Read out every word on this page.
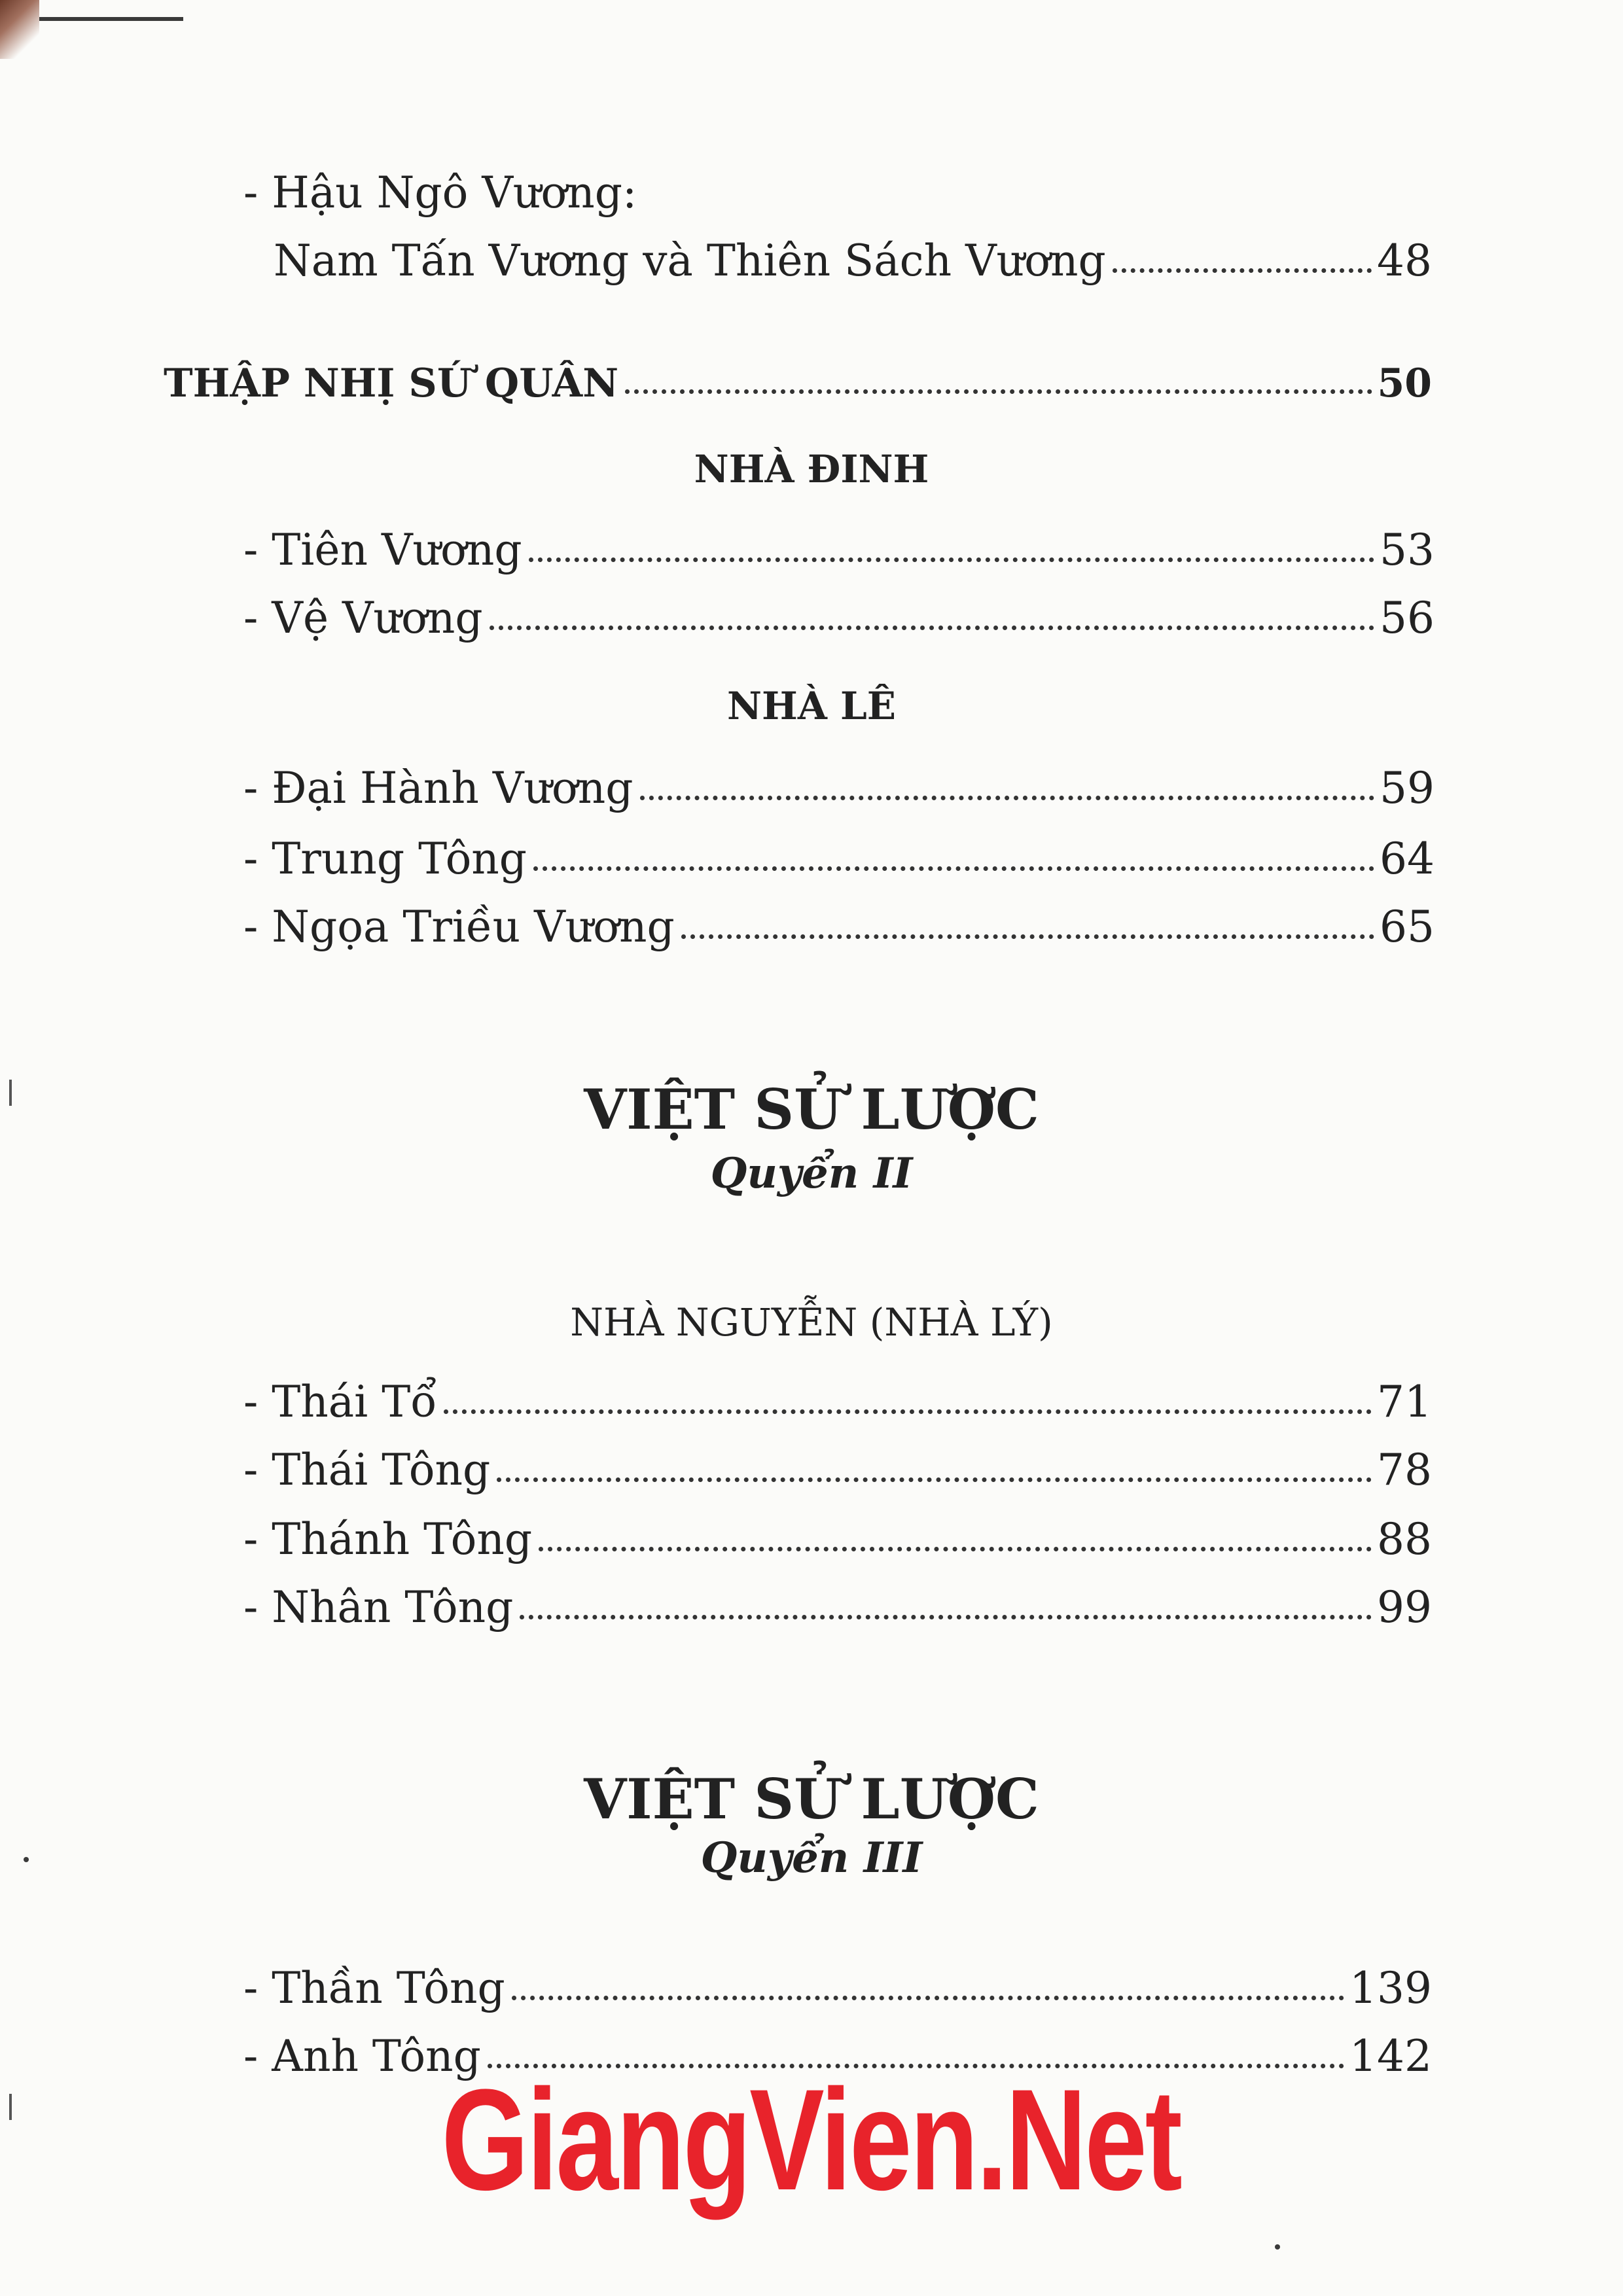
- Hậu Ngô Vương:
Nam Tấn Vương và Thiên Sách Vương	48
THẬP NHỊ SỨ QUÂN	50
NHÀ ĐINH
- Tiên Vương	53
- Vệ Vương	56
NHÀ LÊ
- Đại Hành Vương	59
- Trung Tông	64
- Ngọa Triều Vương	65
VIỆT SỬ LƯỢC
Quyển II
NHÀ NGUYỄN (NHÀ LÝ)
- Thái Tổ	71
- Thái Tông	78
- Thánh Tông	88
- Nhân Tông	99
VIỆT SỬ LƯỢC
Quyển III
- Thần Tông	139
- Anh Tông	142
GiangVien.Net
